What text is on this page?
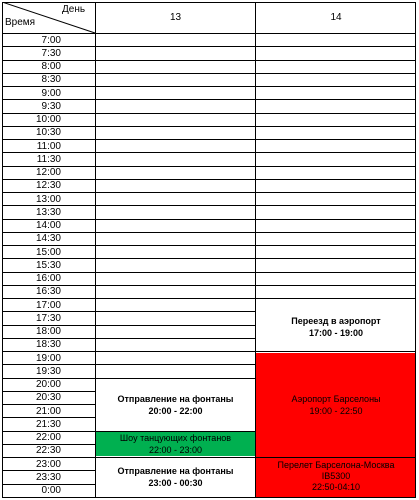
День
Время	13	14
7:00
7:30
8:00
8:30
9:00
9:30
10:00
10:30
11:00
11:30
12:00
12:30
13:00
13:30
14:00
14:30
15:00
15:30
16:00
16:30
17:00
17:30
18:00
18:30
19:00
19:30
20:00
20:30
21:00
21:30
22:00
22:30
23:00
23:30
0:00
Переезд в аэропорт
17:00 - 19:00
Аэропорт Барселоны
19:00 - 22:50
Перелет Барселона-Москва
IB5300
22:50-04:10
Отправление на фонтаны
20:00 - 22:00
Шоу танцующих фонтанов
22:00 - 23:00
Отправление на фонтаны
23:00 - 00:30
